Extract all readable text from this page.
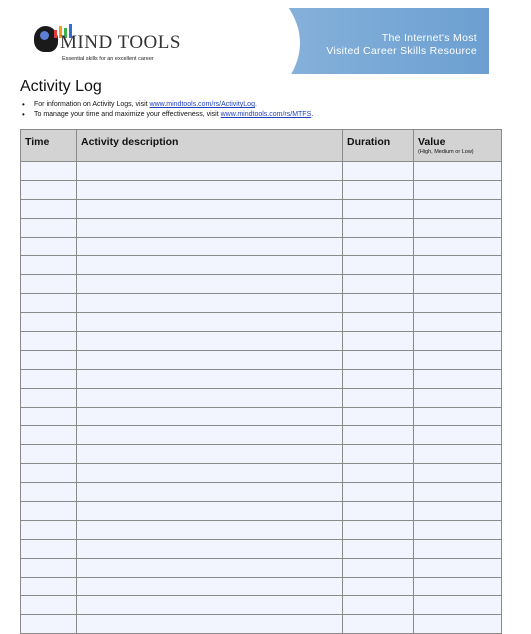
MIND TOOLS
Essential skills for an excellent career
The Internet's Most
Visited Career Skills Resource
Activity Log
• For information on Activity Logs, visit www.mindtools.com/rs/ActivityLog.
• To manage your time and maximize your effectiveness, visit www.mindtools.com/rs/MTFS.
Time	Activity description	Duration	Value
(High, Medium or Low)
